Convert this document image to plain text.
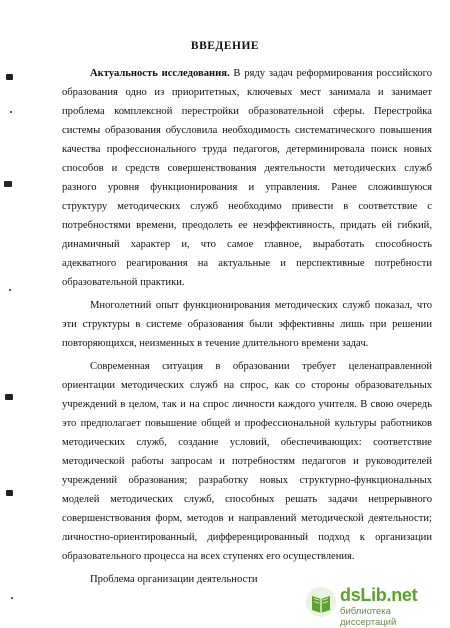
ВВЕДЕНИЕ
Актуальность исследования. В ряду задач реформирования российского
образования одно из приоритетных, ключевых мест занимала и занимает
проблема комплексной перестройки образовательной сферы. Перестройка
системы образования обусловила необходимость систематического повышения
качества профессионального труда педагогов, детерминировала поиск новых
способов и средств совершенствования деятельности методических служб
разного уровня функционирования и управления. Ранее сложившуюся
структуру методических служб необходимо привести в соответствие с
потребностями времени, преодолеть ее неэффективность, придать ей гибкий,
динамичный характер и, что самое главное, выработать способность
адекватного реагирования на актуальные и перспективные потребности
образовательной практики.
Многолетний опыт функционирования методических служб показал, что
эти структуры в системе образования были эффективны лишь при решении
повторяющихся, неизменных в течение длительного времени задач.
Современная ситуация в образовании требует целенаправленной
ориентации методических служб на спрос, как со стороны образовательных
учреждений в целом, так и на спрос личности каждого учителя. В свою очередь
это предполагает повышение общей и профессиональной культуры работников
методических служб, создание условий, обеспечивающих: соответствие
методической работы запросам и потребностям педагогов и руководителей
учреждений образования; разработку новых структурно-функциональных
моделей методических служб, способных решать задачи непрерывного
совершенствования форм, методов и направлений методической деятельности;
личностно-ориентированный, дифференцированный подход к организации
образовательного процесса на всех ступенях его осуществления.
Проблема организации деятельности
dsLib.net
библиотека диссертаций
